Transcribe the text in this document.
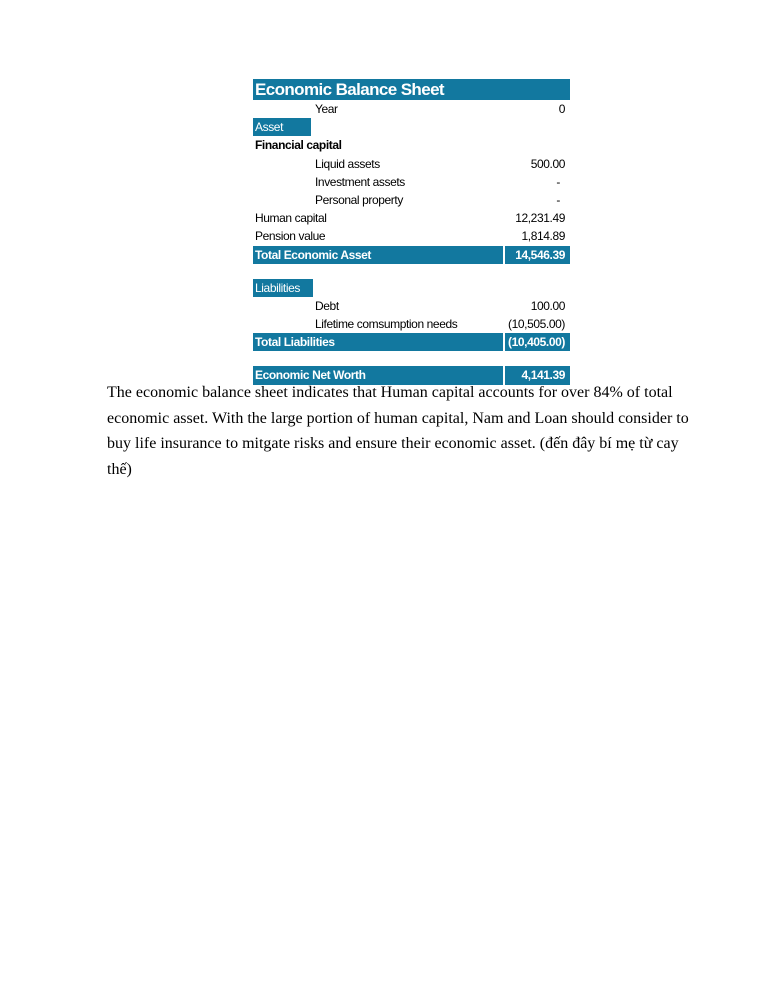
Economic Balance Sheet
Year	0
Asset
Financial capital
Liquid assets	500.00
Investment assets	-
Personal property	-
Human capital	12,231.49
Pension value	1,814.89
Total Economic Asset	14,546.39
Liabilities
Debt	100.00
Lifetime comsumption needs	(10,505.00)
Total Liabilities	(10,405.00)
Economic Net Worth	4,141.39

The economic balance sheet indicates that Human capital accounts for over 84% of total economic asset. With the large portion of human capital, Nam and Loan should consider to buy life insurance to mitgate risks and ensure their economic asset. (đến đây bí mẹ từ cay thế)
